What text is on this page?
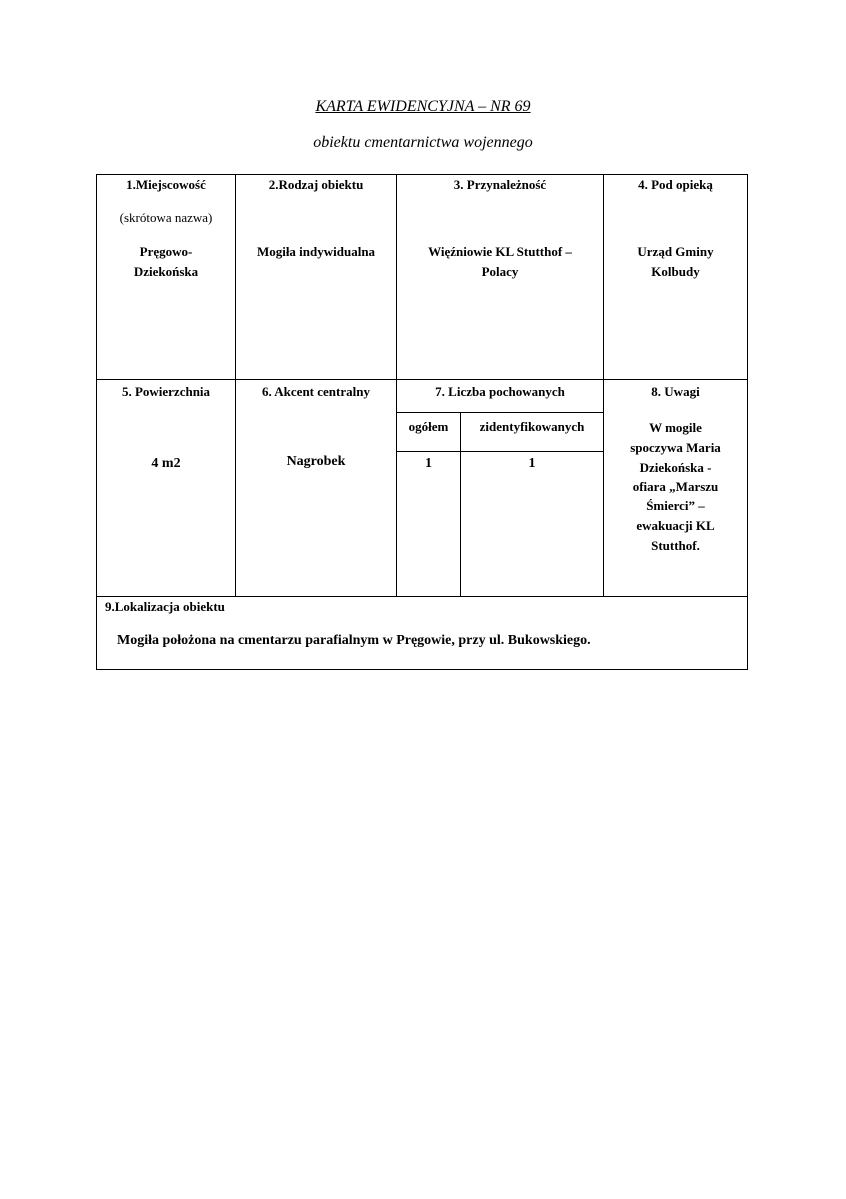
KARTA EWIDENCYJNA – NR 69
obiektu cmentarnictwa wojennego
1.Miejscowość
(skrótowa nazwa)
Pręgowo-
Dziekońska
2.Rodzaj obiektu
Mogiła indywidualna
3. Przynależność
Więźniowie KL Stutthof –
Polacy
4. Pod opieką
Urząd Gminy
Kolbudy
5. Powierzchnia
4 m2
6. Akcent centralny
Nagrobek
7. Liczba pochowanych
ogółem	zidentyfikowanych
1	1
8. Uwagi
W mogile
spoczywa Maria
Dziekońska -
ofiara „Marszu
Śmierci” –
ewakuacji KL
Stutthof.
9.Lokalizacja obiektu
Mogiła położona na cmentarzu parafialnym w Pręgowie, przy ul. Bukowskiego.
